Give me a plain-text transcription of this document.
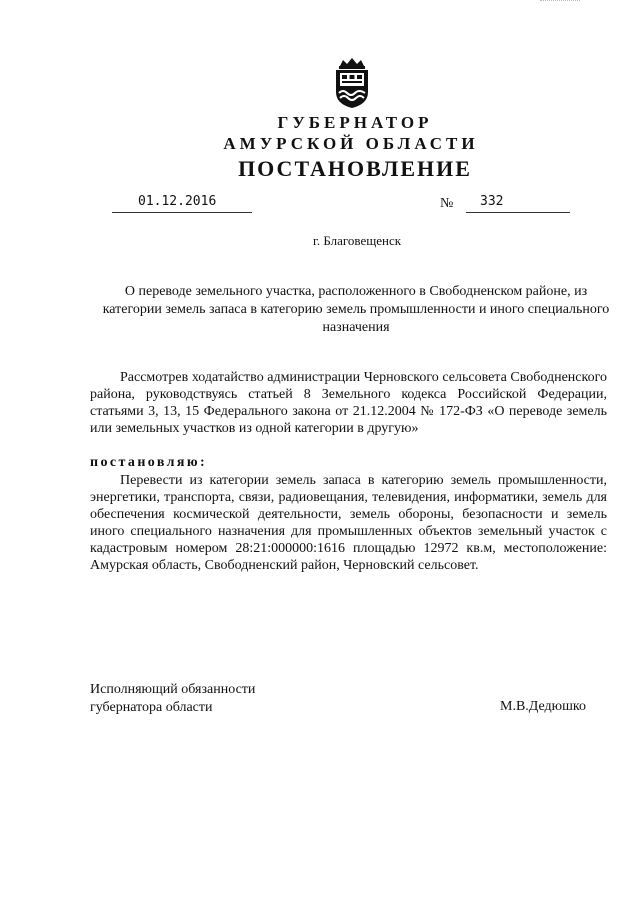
ГУБЕРНАТОР
АМУРСКОЙ ОБЛАСТИ
ПОСТАНОВЛЕНИЕ
01.12.2016	№ 332
г. Благовещенск
О переводе земельного участка, расположенного в Свободненском районе, из категории земель запаса в категорию земель промышленности и иного специального назначения
Рассмотрев ходатайство администрации Черновского сельсовета Свободненского района, руководствуясь статьей 8 Земельного кодекса Российской Федерации, статьями 3, 13, 15 Федерального закона от 21.12.2004 № 172-ФЗ «О переводе земель или земельных участков из одной категории в другую»
постановляю:
Перевести из категории земель запаса в категорию земель промышленности, энергетики, транспорта, связи, радиовещания, телевидения, информатики, земель для обеспечения космической деятельности, земель обороны, безопасности и земель иного специального назначения для промышленных объектов земельный участок с кадастровым номером 28:21:000000:1616 площадью 12972 кв.м, местоположение: Амурская область, Свободненский район, Черновский сельсовет.
Исполняющий обязанности
губернатора области	М.В.Дедюшко
